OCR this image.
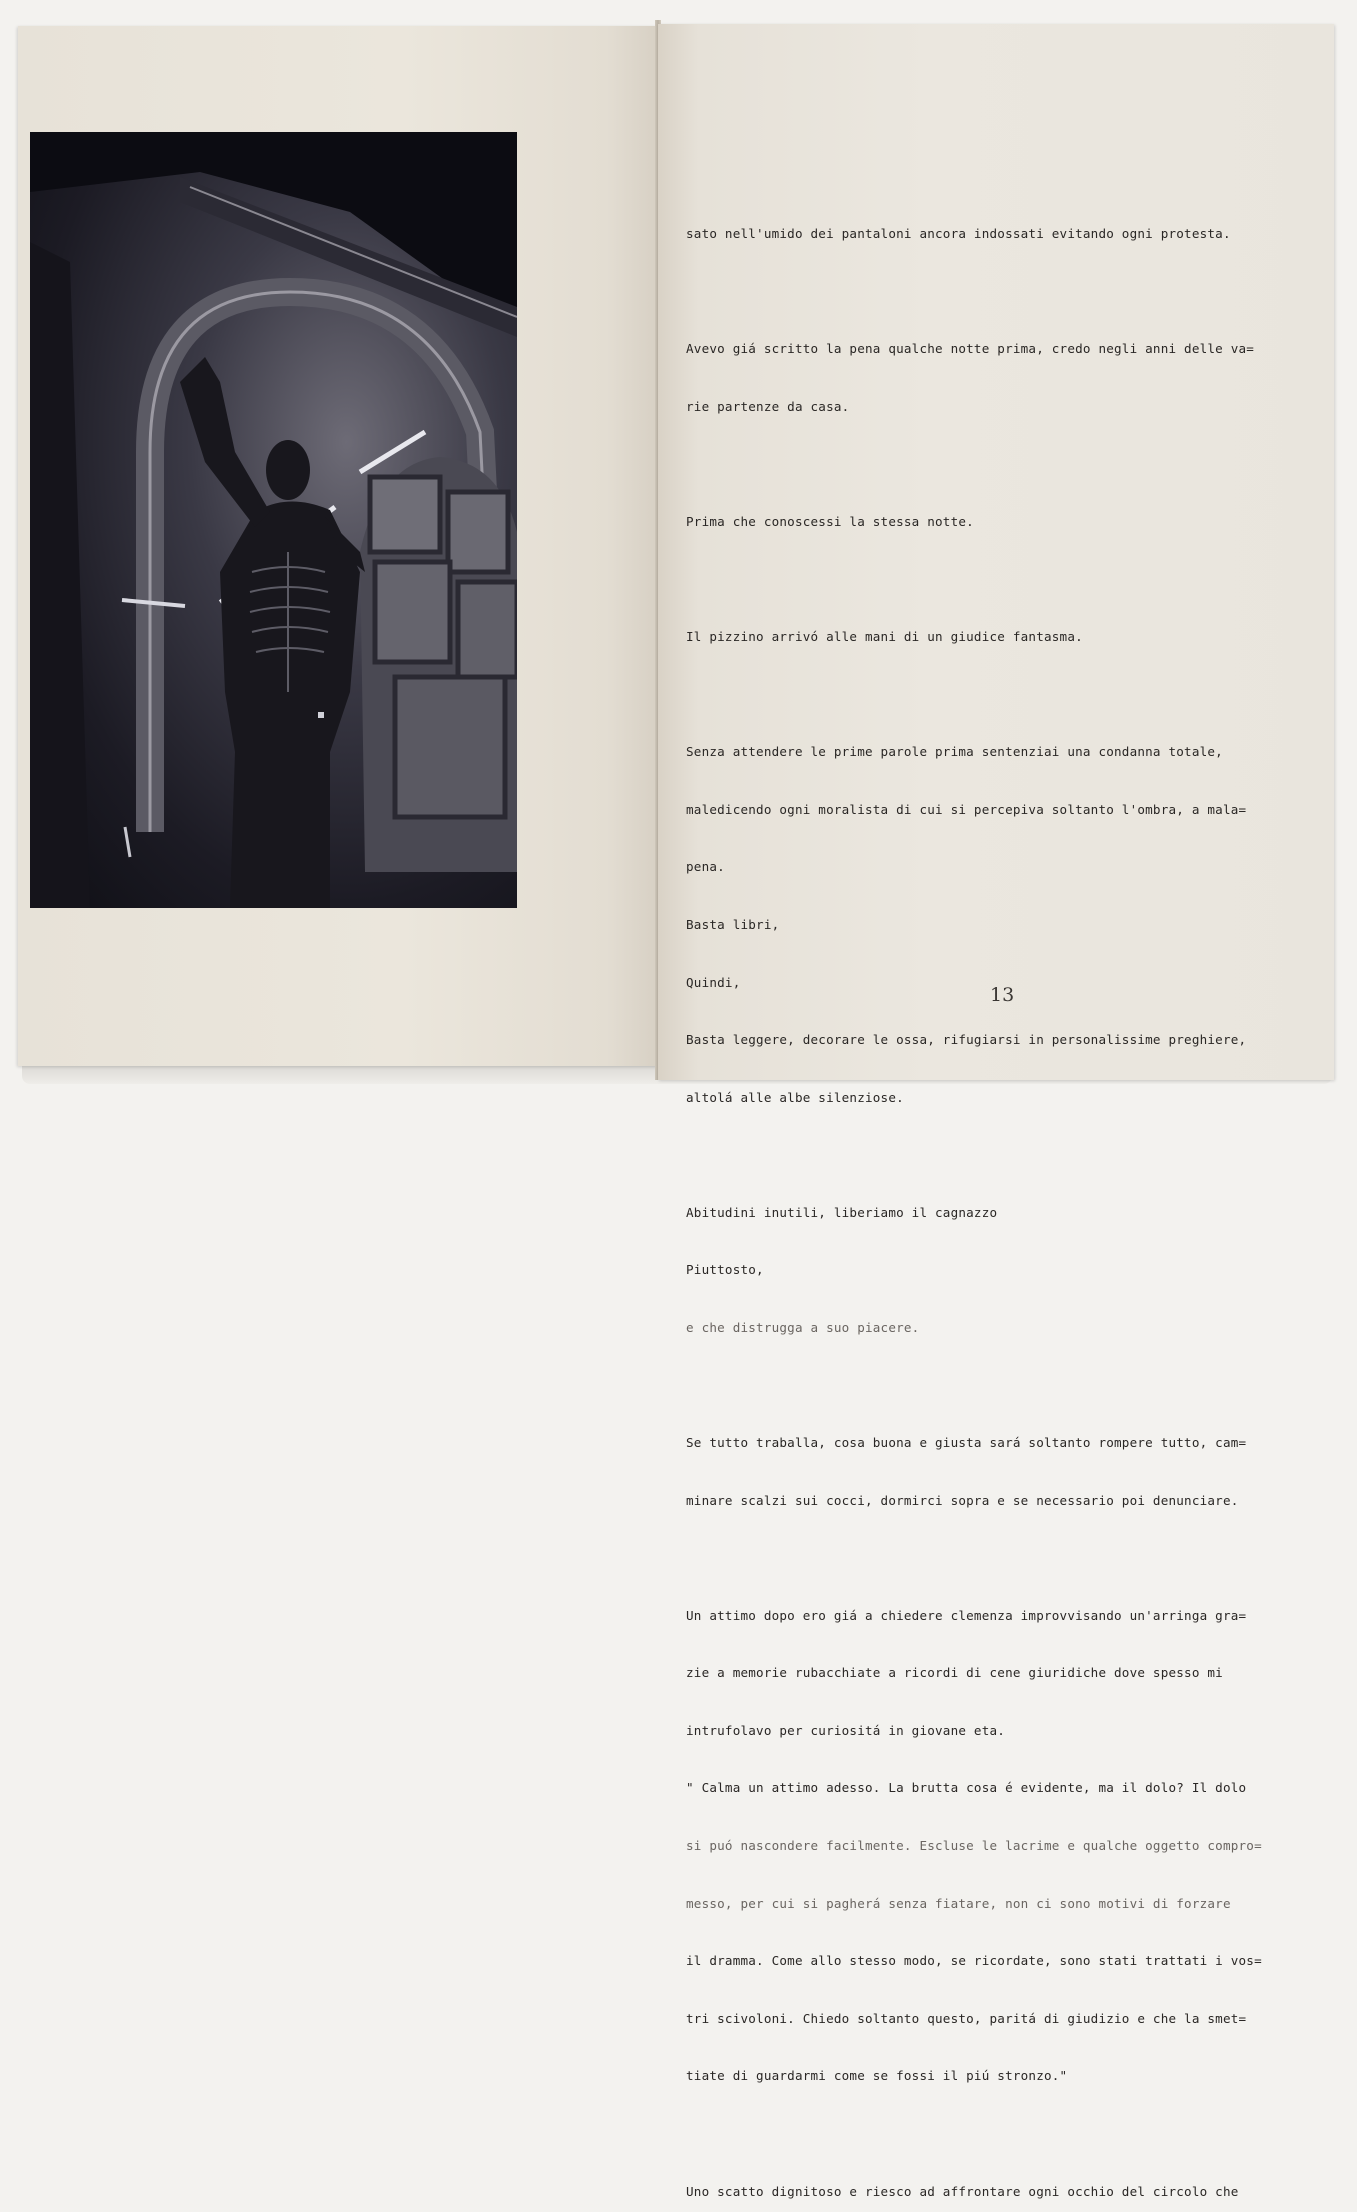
sato nell'umido dei pantaloni ancora indossati evitando ogni protesta.

Avevo giá scritto la pena qualche notte prima, credo negli anni delle va=

rie partenze da casa.

Prima che conoscessi la stessa notte.

Il pizzino arrivó alle mani di un giudice fantasma.

Senza attendere le prime parole prima sentenziai una condanna totale,

maledicendo ogni moralista di cui si percepiva soltanto l'ombra, a mala=

pena.

Basta libri,

Quindi,

Basta leggere, decorare le ossa, rifugiarsi in personalissime preghiere,

altolá alle albe silenziose.

Abitudini inutili, liberiamo il cagnazzo

Piuttosto,

e che distrugga a suo piacere.

Se tutto traballa, cosa buona e giusta sará soltanto rompere tutto, cam=

minare scalzi sui cocci, dormirci sopra e se necessario poi denunciare.

Un attimo dopo ero giá a chiedere clemenza improvvisando un'arringa gra=

zie a memorie rubacchiate a ricordi di cene giuridiche dove spesso mi

intrufolavo per curiositá in giovane eta.

" Calma un attimo adesso. La brutta cosa é evidente, ma il dolo? Il dolo

si puó nascondere facilmente. Escluse le lacrime e qualche oggetto compro=

messo, per cui si pagherá senza fiatare, non ci sono motivi di forzare

il dramma. Come allo stesso modo, se ricordate, sono stati trattati i vos=

tri scivoloni. Chiedo soltanto questo, paritá di giudizio e che la smet=

tiate di guardarmi come se fossi il piú stronzo."

Uno scatto dignitoso e riesco ad affrontare ogni occhio del circolo che

13
